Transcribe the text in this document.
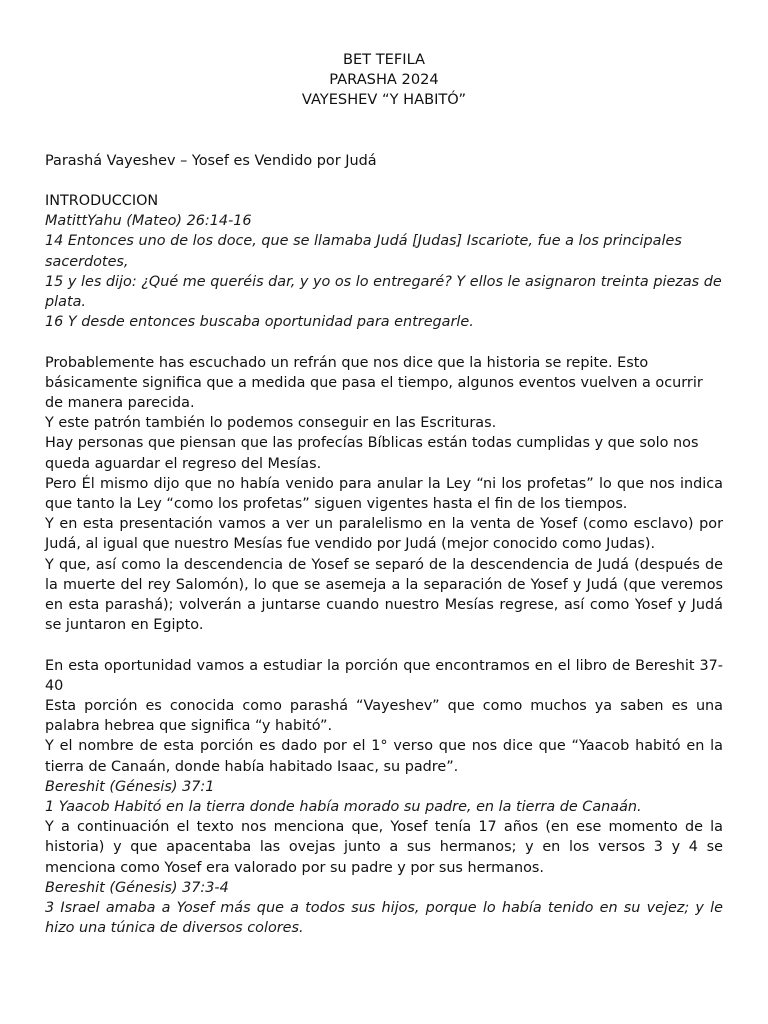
BET TEFILA
PARASHA 2024
VAYESHEV “Y HABITÓ”

Parashá Vayeshev – Yosef es Vendido por Judá

INTRODUCCION

MatittYahu (Mateo) 26:14-16

14 Entonces uno de los doce, que se llamaba Judá [Judas] Iscariote, fue a los principales

sacerdotes,

15 y les dijo: ¿Qué me queréis dar, y yo os lo entregaré? Y ellos le asignaron treinta piezas de

plata.

16 Y desde entonces buscaba oportunidad para entregarle.

Probablemente has escuchado un refrán que nos dice que la historia se repite. Esto básicamente significa que a medida que pasa el tiempo, algunos eventos vuelven a ocurrir de manera parecida.

Y este patrón también lo podemos conseguir en las Escrituras.

Hay personas que piensan que las profecías Bíblicas están todas cumplidas y que solo nos queda aguardar el regreso del Mesías.

Pero Él mismo dijo que no había venido para anular la Ley “ni los profetas” lo que nos indica que tanto la Ley “como los profetas” siguen vigentes hasta el fin de los tiempos.

Y en esta presentación vamos a ver un paralelismo en la venta de Yosef (como esclavo) por Judá, al igual que nuestro Mesías fue vendido por Judá (mejor conocido como Judas).

Y que, así como la descendencia de Yosef se separó de la descendencia de Judá (después de la muerte del rey Salomón), lo que se asemeja a la separación de Yosef y Judá (que veremos en esta parashá); volverán a juntarse cuando nuestro Mesías regrese, así como Yosef y Judá se juntaron en Egipto.

En esta oportunidad vamos a estudiar la porción que encontramos en el libro de Bereshit 37-40

Esta porción es conocida como parashá “Vayeshev” que como muchos ya saben es una palabra hebrea que significa “y habitó”.

Y el nombre de esta porción es dado por el 1° verso que nos dice que “Yaacob habitó en la tierra de Canaán, donde había habitado Isaac, su padre”.

Bereshit (Génesis) 37:1

1 Yaacob Habitó en la tierra donde había morado su padre, en la tierra de Canaán.

Y a continuación el texto nos menciona que, Yosef tenía 17 años (en ese momento de la historia) y que apacentaba las ovejas junto a sus hermanos; y en los versos 3 y 4 se menciona como Yosef era valorado por su padre y por sus hermanos.

Bereshit (Génesis) 37:3-4

3 Israel amaba a Yosef más que a todos sus hijos, porque lo había tenido en su vejez; y le hizo una túnica de diversos colores.
